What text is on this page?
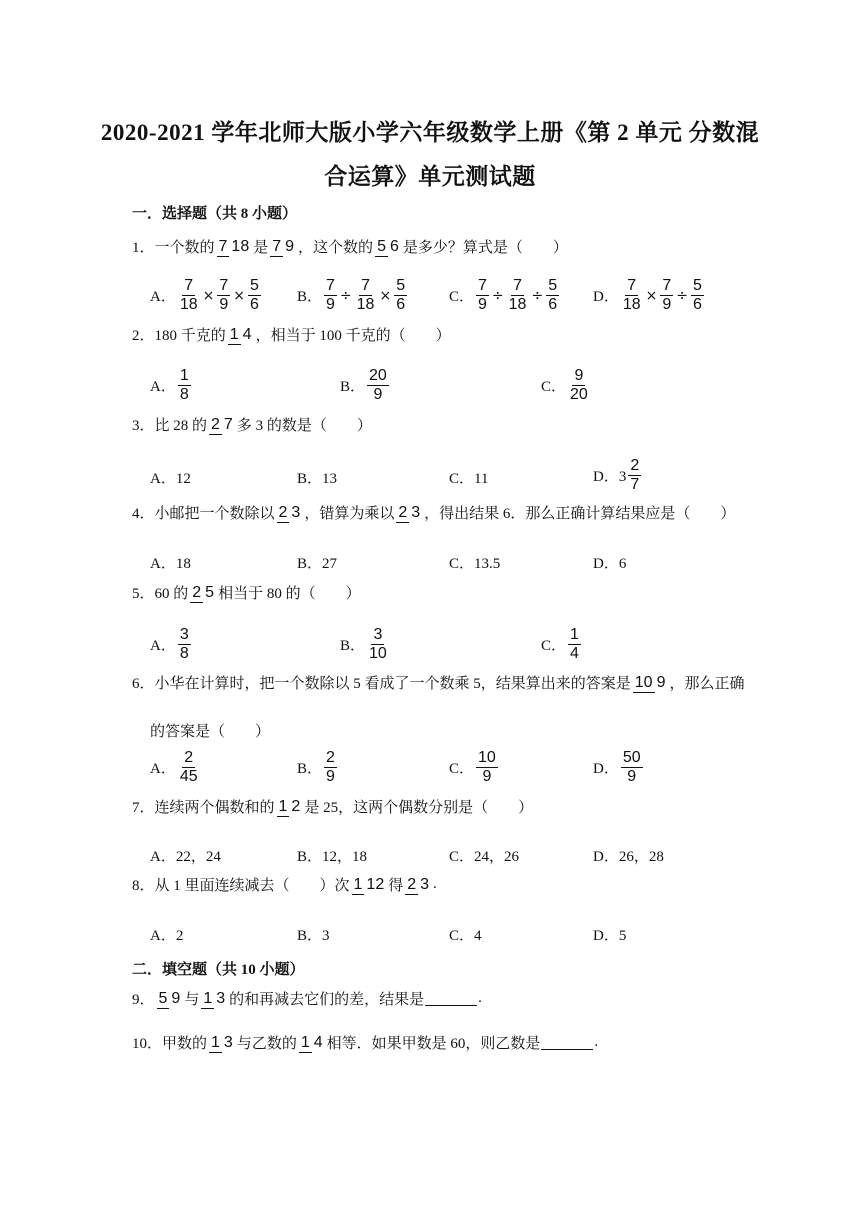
2020-2021 学年北师大版小学六年级数学上册《第 2 单元 分数混
合运算》单元测试题
一．选择题（共 8 小题）
1．一个数的 7 18 是 7 9 ，这个数的 5 6 是多少？算式是（　　）
A． $\frac{7}{18} \times \frac{7}{9} \times \frac{5}{6}$ B． $\frac{7}{9} \div \frac{7}{18} \times \frac{5}{6}$	C． $\frac{7}{9} \div \frac{7}{18} \div \frac{5}{6}$ D． $\frac{7}{18} \times \frac{7}{9} \div \frac{5}{6}$
2．180 千克的 1 4 ，相当于 100 千克的（　　）
A． $\frac{1}{8}$	B． $\frac{20}{9}$	C． $\frac{9}{20}$
3．比 28 的 2 7 多 3 的数是（　　）
A．12	B．13	C．11	D．$3 \frac{2}{7}$
4．小邮把一个数除以 2 3 ，错算为乘以 2 3 ，得出结果 6．那么正确计算结果应是（　　）
A．18	B．27	C．13.5	D．6
5．60 的 2 5 相当于 80 的（　　）
A． $\frac{3}{8}$	B． $\frac{3}{10}$	C． $\frac{1}{4}$
6．小华在计算时，把一个数除以 5 看成了一个数乘 5，结果算出来的答案是 10 9 ，那么正确
的答案是（　　）
A． $\frac{2}{45}$	B． $\frac{2}{9}$	C． $\frac{10}{9}$	D． $\frac{50}{9}$
7．连续两个偶数和的 1 2 是 25，这两个偶数分别是（　　）
A．22，24	B．12，18	C．24，26	D．26，28
8．从 1 里面连续减去（　　）次 1 12 得 2 3 .
A．2	B．3	C．4	D．5
二．填空题（共 10 小题）
9． 5 9 与 1 3 的和再减去它们的差，结果是	.
10．甲数的 1 3 与乙数的 1 4 相等．如果甲数是 60，则乙数是	.
